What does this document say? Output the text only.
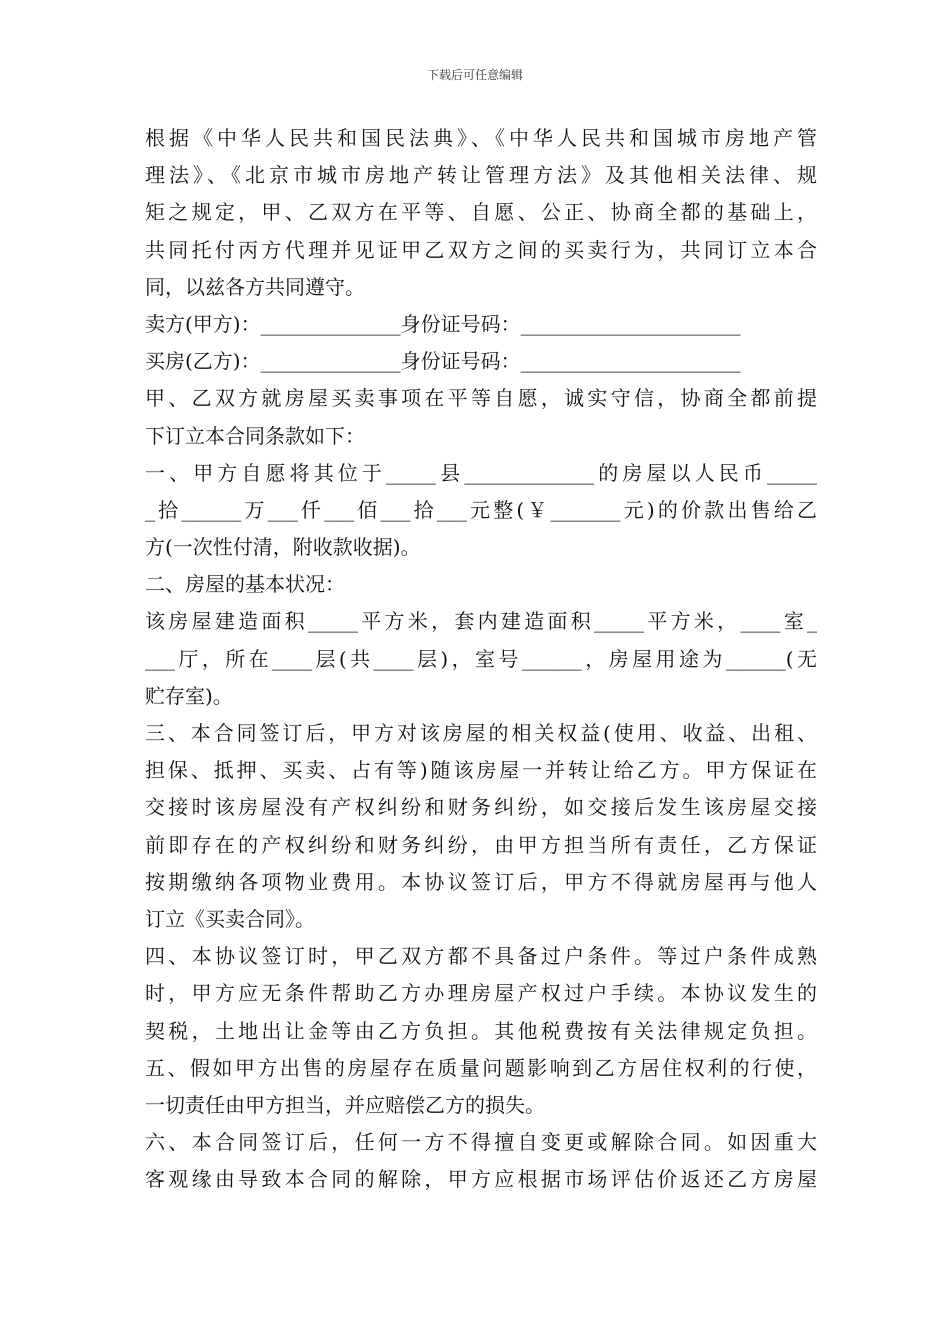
下载后可任意编辑
根据《中华人民共和国民法典》、《中华人民共和国城市房地产管
理法》、《北京市城市房地产转让管理方法》及其他相关法律、规
矩之规定，甲、乙双方在平等、自愿、公正、协商全都的基础上，
共同托付丙方代理并见证甲乙双方之间的买卖行为，共同订立本合
同，以兹各方共同遵守。
卖方(甲方)：______________身份证号码：______________________
买房(乙方)：______________身份证号码：______________________
甲、乙双方就房屋买卖事项在平等自愿，诚实守信，协商全都前提
下订立本合同条款如下：
一、甲方自愿将其位于_____县_____________的房屋以人民币_____
_拾______万___仟___佰___拾___元整(￥_______元)的价款出售给乙
方(一次性付清，附收款收据)。
二、房屋的基本状况：
该房屋建造面积_____平方米，套内建造面积_____平方米，____室_
___厅，所在____层(共____层)，室号______，房屋用途为______(无
贮存室)。
三、本合同签订后，甲方对该房屋的相关权益(使用、收益、出租、
担保、抵押、买卖、占有等)随该房屋一并转让给乙方。甲方保证在
交接时该房屋没有产权纠纷和财务纠纷，如交接后发生该房屋交接
前即存在的产权纠纷和财务纠纷，由甲方担当所有责任，乙方保证
按期缴纳各项物业费用。本协议签订后，甲方不得就房屋再与他人
订立《买卖合同》。
四、本协议签订时，甲乙双方都不具备过户条件。等过户条件成熟
时，甲方应无条件帮助乙方办理房屋产权过户手续。本协议发生的
契税，土地出让金等由乙方负担。其他税费按有关法律规定负担。
五、假如甲方出售的房屋存在质量问题影响到乙方居住权利的行使，
一切责任由甲方担当，并应赔偿乙方的损失。
六、本合同签订后，任何一方不得擅自变更或解除合同。如因重大
客观缘由导致本合同的解除，甲方应根据市场评估价返还乙方房屋
